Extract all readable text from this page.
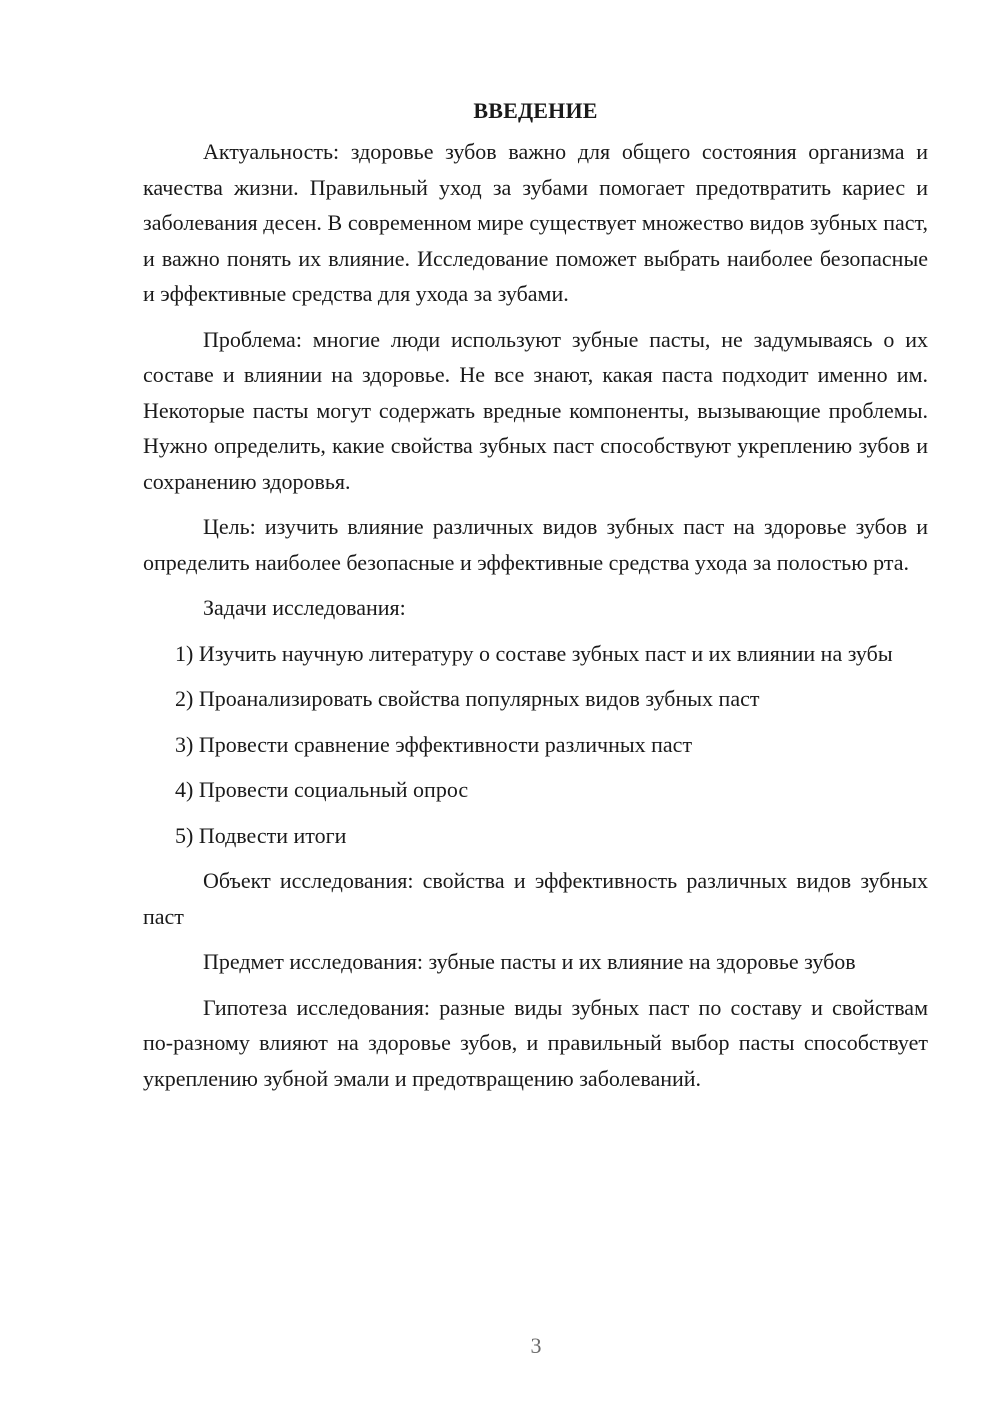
ВВЕДЕНИЕ

Актуальность: здоровье зубов важно для общего состояния организма и качества жизни. Правильный уход за зубами помогает предотвратить кариес и заболевания десен. В современном мире существует множество видов зубных паст, и важно понять их влияние. Исследование поможет выбрать наиболее безопасные и эффективные средства для ухода за зубами.

Проблема: многие люди используют зубные пасты, не задумываясь о их составе и влиянии на здоровье. Не все знают, какая паста подходит именно им. Некоторые пасты могут содержать вредные компоненты, вызывающие проблемы. Нужно определить, какие свойства зубных паст способствуют укреплению зубов и сохранению здоровья.

Цель: изучить влияние различных видов зубных паст на здоровье зубов и определить наиболее безопасные и эффективные средства ухода за полостью рта.

Задачи исследования:

1) Изучить научную литературу о составе зубных паст и их влиянии на зубы

2) Проанализировать свойства популярных видов зубных паст

3) Провести сравнение эффективности различных паст

4) Провести социальный опрос

5) Подвести итоги

Объект исследования: свойства и эффективность различных видов зубных паст

Предмет исследования: зубные пасты и их влияние на здоровье зубов

Гипотеза исследования: разные виды зубных паст по составу и свойствам по-разному влияют на здоровье зубов, и правильный выбор пасты способствует укреплению зубной эмали и предотвращению заболеваний.

3
